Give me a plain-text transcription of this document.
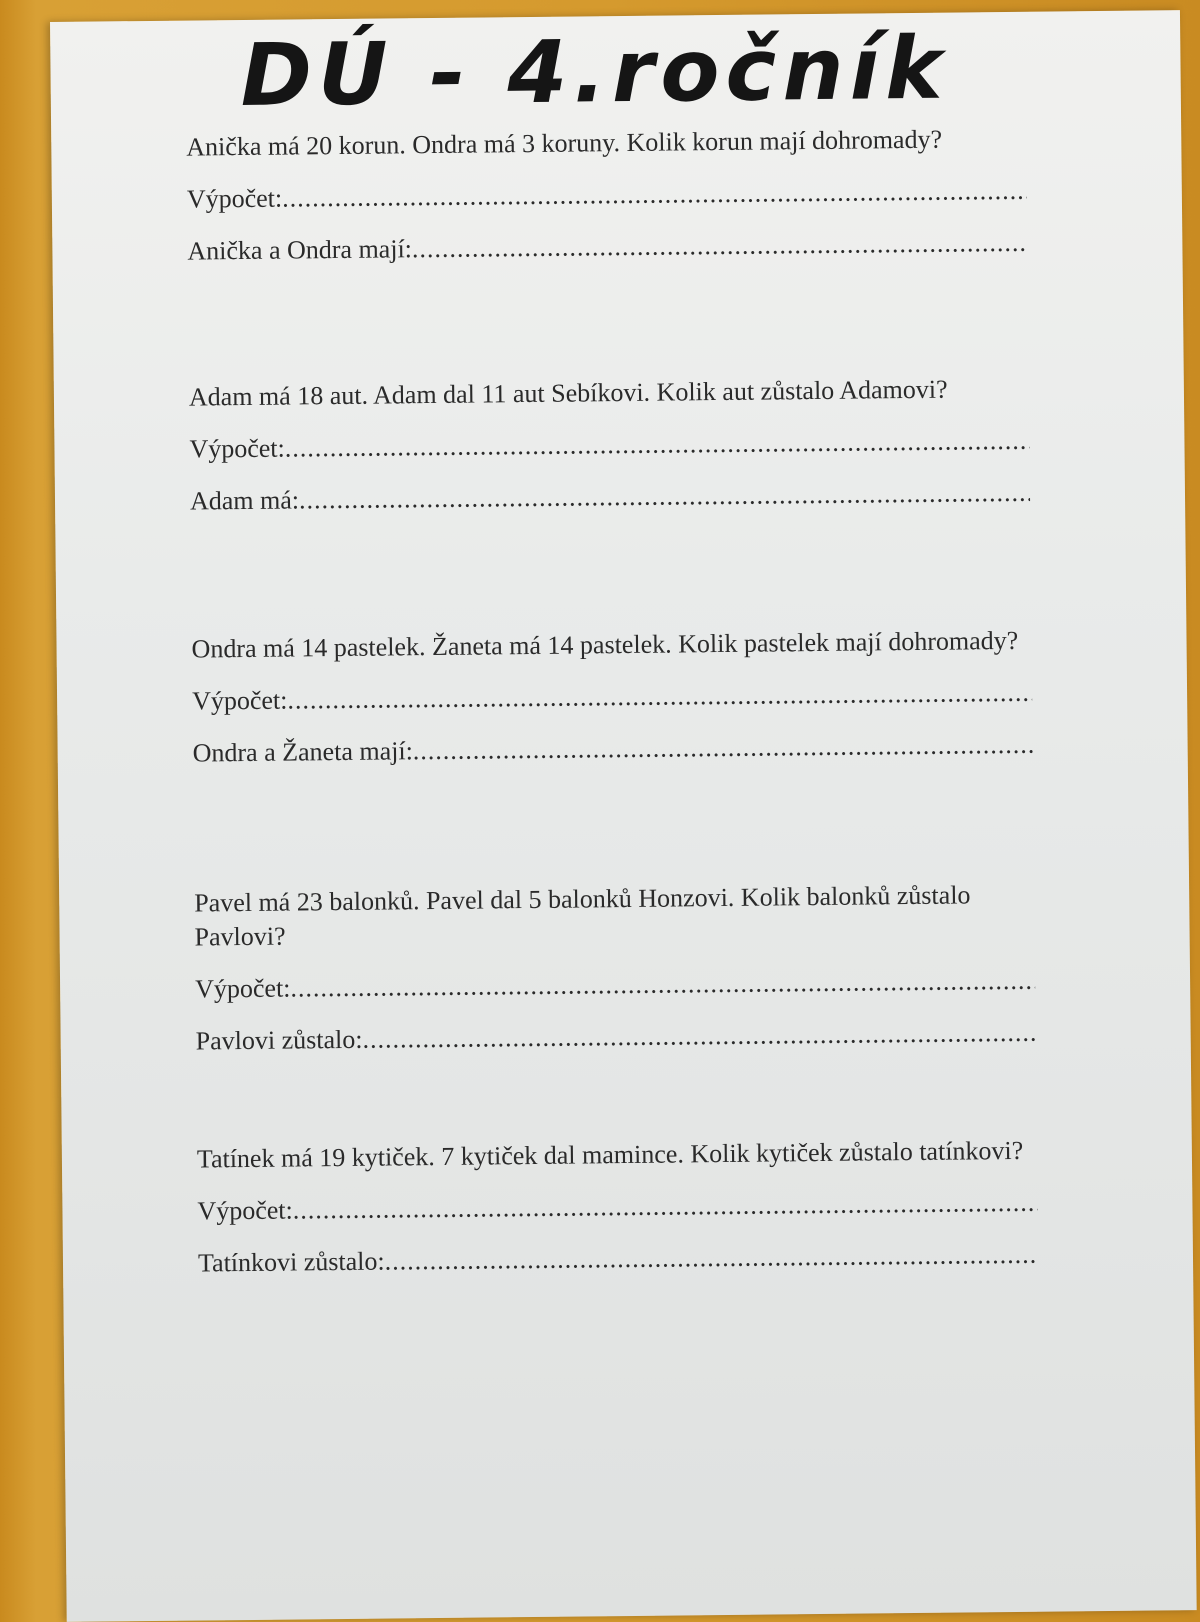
DÚ - 4.ročník

Anička má 20 korun. Ondra má 3 koruny. Kolik korun mají dohromady?

Výpočet:
.....
Anička a Ondra mají:
.....

Adam má 18 aut. Adam dal 11 aut Sebíkovi. Kolik aut zůstalo Adamovi?

Výpočet:
.....
Adam má:
.....

Ondra má 14 pastelek. Žaneta má 14 pastelek. Kolik pastelek mají dohromady?

Výpočet:
.....
Ondra a Žaneta mají:
.....

Pavel má 23 balonků. Pavel dal 5 balonků Honzovi. Kolik balonků zůstalo Pavlovi?

Výpočet:
.....
Pavlovi zůstalo:
.....

Tatínek má 19 kytiček. 7 kytiček dal mamince. Kolik kytiček zůstalo tatínkovi?

Výpočet:
.....
Tatínkovi zůstalo:
.....
